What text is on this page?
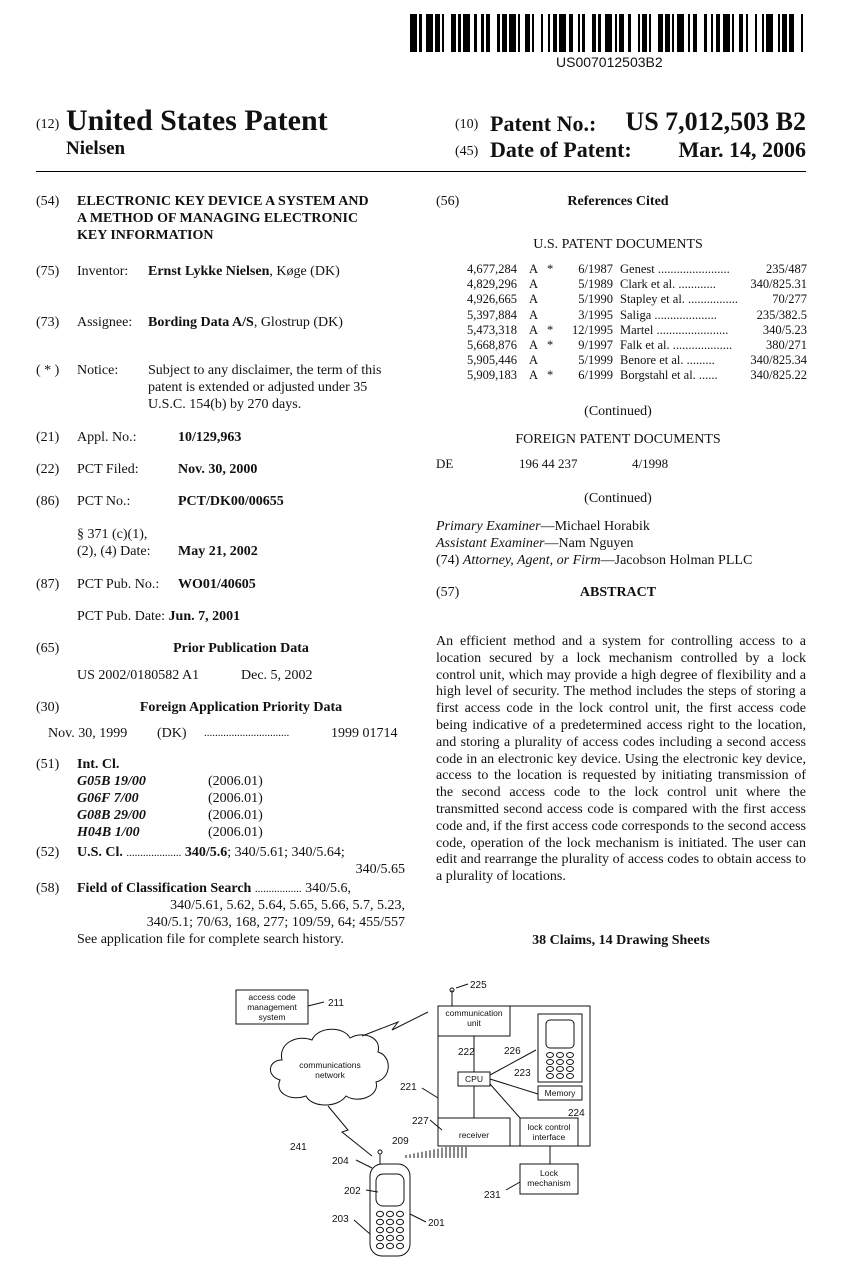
US007012503B2
(12) United States Patent
Nielsen
(10) Patent No.:	US 7,012,503 B2
(45) Date of Patent:	Mar. 14, 2006
(54) ELECTRONIC KEY DEVICE A SYSTEM AND
A METHOD OF MANAGING ELECTRONIC
KEY INFORMATION
(75) Inventor: Ernst Lykke Nielsen, Køge (DK)
(73) Assignee: Bording Data A/S, Glostrup (DK)
( * ) Notice: Subject to any disclaimer, the term of this
patent is extended or adjusted under 35
U.S.C. 154(b) by 270 days.
(21) Appl. No.:	10/129,963
(22) PCT Filed:	Nov. 30, 2000
(86) PCT No.:	PCT/DK00/00655
§ 371 (c)(1),
(2), (4) Date: May 21, 2002
(87) PCT Pub. No.: WO01/40605
PCT Pub. Date: Jun. 7, 2001
(65)	Prior Publication Data
US 2002/0180582 A1	Dec. 5, 2002
(30)	Foreign Application Priority Data
Nov. 30, 1999 (DK) ...............................	1999 01714
(51) Int. Cl.
G05B 19/00	(2006.01)
G06F 7/00	(2006.01)
G08B 29/00	(2006.01)
H04B 1/00	(2006.01)
(52) U.S. Cl. .................... 340/5.6; 340/5.61; 340/5.64;
340/5.65
(58) Field of Classification Search ................. 340/5.6,
340/5.61, 5.62, 5.64, 5.65, 5.66, 5.7, 5.23,
340/5.1; 70/63, 168, 277; 109/59, 64; 455/557
See application file for complete search history.
(56)	References Cited
U.S. PATENT DOCUMENTS
4,677,284 A *	6/1987 Genest .......................	235/487
4,829,296 A	5/1989 Clark et al. ............	340/825.31
4,926,665 A	5/1990 Stapley et al. ................	70/277
5,397,884 A	3/1995 Saliga ....................	235/382.5
5,473,318 A *	12/1995 Martel .......................	340/5.23
5,668,876 A *	9/1997 Falk et al. ...................	380/271
5,905,446 A	5/1999 Benore et al. .........	340/825.34
5,909,183 A *	6/1999 Borgstahl et al. ......	340/825.22
(Continued)
FOREIGN PATENT DOCUMENTS
DE	196 44 237	4/1998
(Continued)
Primary Examiner—Michael Horabik
Assistant Examiner—Nam Nguyen
(74) Attorney, Agent, or Firm—Jacobson Holman PLLC
(57)	ABSTRACT
An efficient method and a system for controlling access to a location secured by a lock mechanism controlled by a lock control unit, which may provide a high degree of flexibility and a high level of security. The method includes the steps of storing a first access code in the lock control unit, the first access code being indicative of a predetermined access right to the location, and storing a plurality of access codes including a second access code in an electronic key device. Using the electronic key device, access to the location is requested by initiating transmission of the second access code to the lock control unit where the transmitted second access code is compared with the first access code and, if the first access code corresponds to the second access code, operation of the lock mechanism is initiated. The user can edit and rearrange the plurality of access codes to obtain access to a plurality of locations.
38 Claims, 14 Drawing Sheets
access code
management
system
211
communications
network
241
225
communication
unit
222
CPU
226
223
Memory
224
receiver
lock control
interface
221
227
Lock
mechanism
231
209
204
202
203	201
